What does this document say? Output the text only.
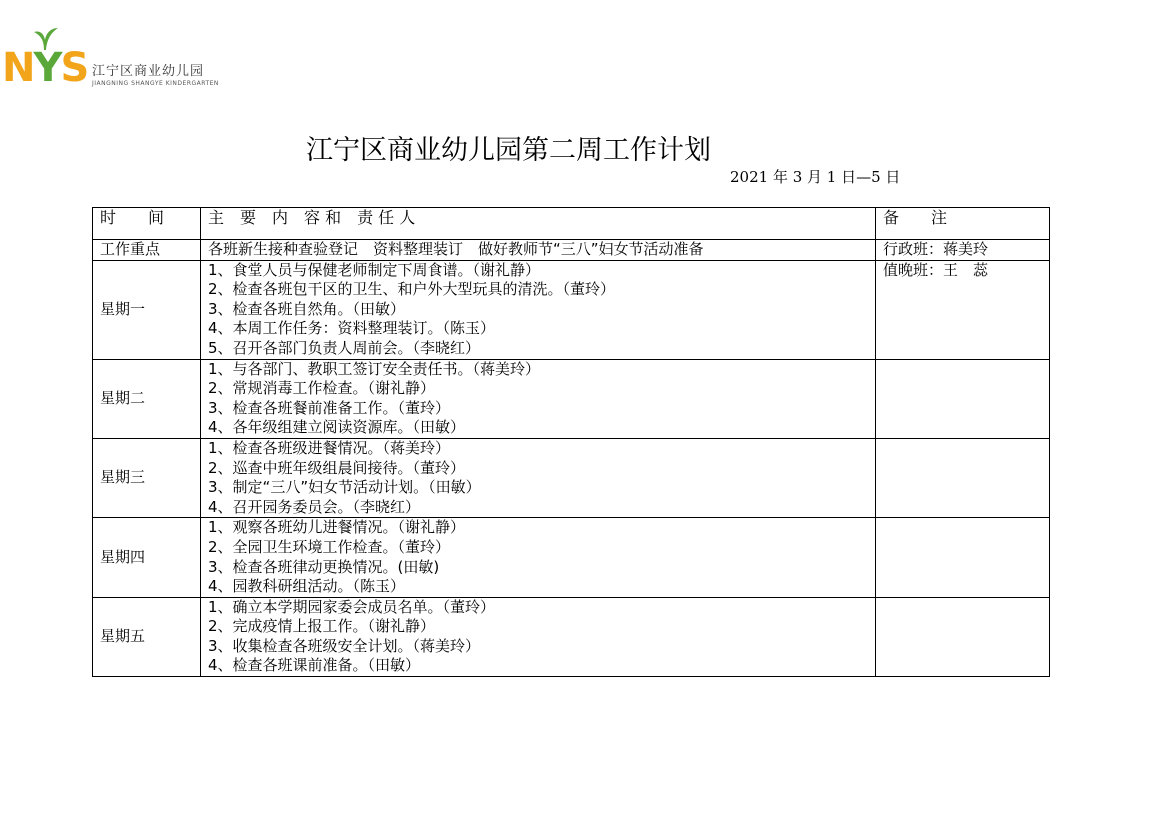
NYS 江宁区商业幼儿园
JIANGNING SHANGYE KINDERGARTEN
江宁区商业幼儿园第二周工作计划
2021 年 3 月 1 日—5 日
时　　间	主　要　内　容 和　责 任 人	备　　注
工作重点	各班新生接种查验登记　资料整理装订　做好教师节“三八”妇女节活动准备	行政班：蒋美玲
星期一	1、食堂人员与保健老师制定下周食谱。（谢礼静）
2、检查各班包干区的卫生、和户外大型玩具的清洗。（董玲）
3、检查各班自然角。（田敏）
4、本周工作任务：资料整理装订。（陈玉）
5、召开各部门负责人周前会。（李晓红）	值晚班：王　蕊
星期二	1、与各部门、教职工签订安全责任书。（蒋美玲）
2、常规消毒工作检查。（谢礼静）
3、检查各班餐前准备工作。（董玲）
4、各年级组建立阅读资源库。（田敏）	

星期三	1、检查各班级进餐情况。（蒋美玲）
2、巡查中班年级组晨间接待。（董玲）
3、制定“三八”妇女节活动计划。（田敏）
4、召开园务委员会。（李晓红）	

星期四	1、观察各班幼儿进餐情况。（谢礼静）
2、全园卫生环境工作检查。（董玲）
3、检查各班律动更换情况。(田敏)
4、园教科研组活动。（陈玉）	

星期五	1、确立本学期园家委会成员名单。（董玲）
2、完成疫情上报工作。（谢礼静）
3、收集检查各班级安全计划。（蒋美玲）
4、检查各班课前准备。（田敏）	
